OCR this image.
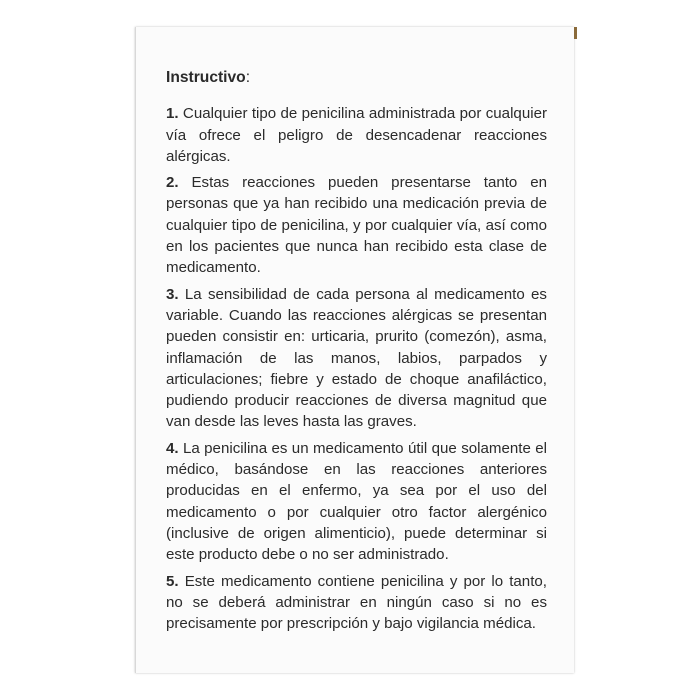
Instructivo:

1. Cualquier tipo de penicilina administrada por cualquier vía ofrece el peligro de desencadenar reacciones alérgicas.

2. Estas reacciones pueden presentarse tanto en personas que ya han recibido una medicación previa de cualquier tipo de penicilina, y por cualquier vía, así como en los pacientes que nunca han recibido esta clase de medicamento.

3. La sensibilidad de cada persona al medicamento es variable. Cuando las reacciones alérgicas se presentan pueden consistir en: urticaria, prurito (comezón), asma, inflamación de las manos, labios, parpados y articulaciones; fiebre y estado de choque anafiláctico, pudiendo producir reacciones de diversa magnitud que van desde las leves hasta las graves.

4. La penicilina es un medicamento útil que solamente el médico, basándose en las reacciones anteriores producidas en el enfermo, ya sea por el uso del medicamento o por cualquier otro factor alergénico (inclusive de origen alimenticio), puede determinar si este producto debe o no ser administrado.

5. Este medicamento contiene penicilina y por lo tanto, no se deberá administrar en ningún caso si no es precisamente por prescripción y bajo vigilancia médica.
